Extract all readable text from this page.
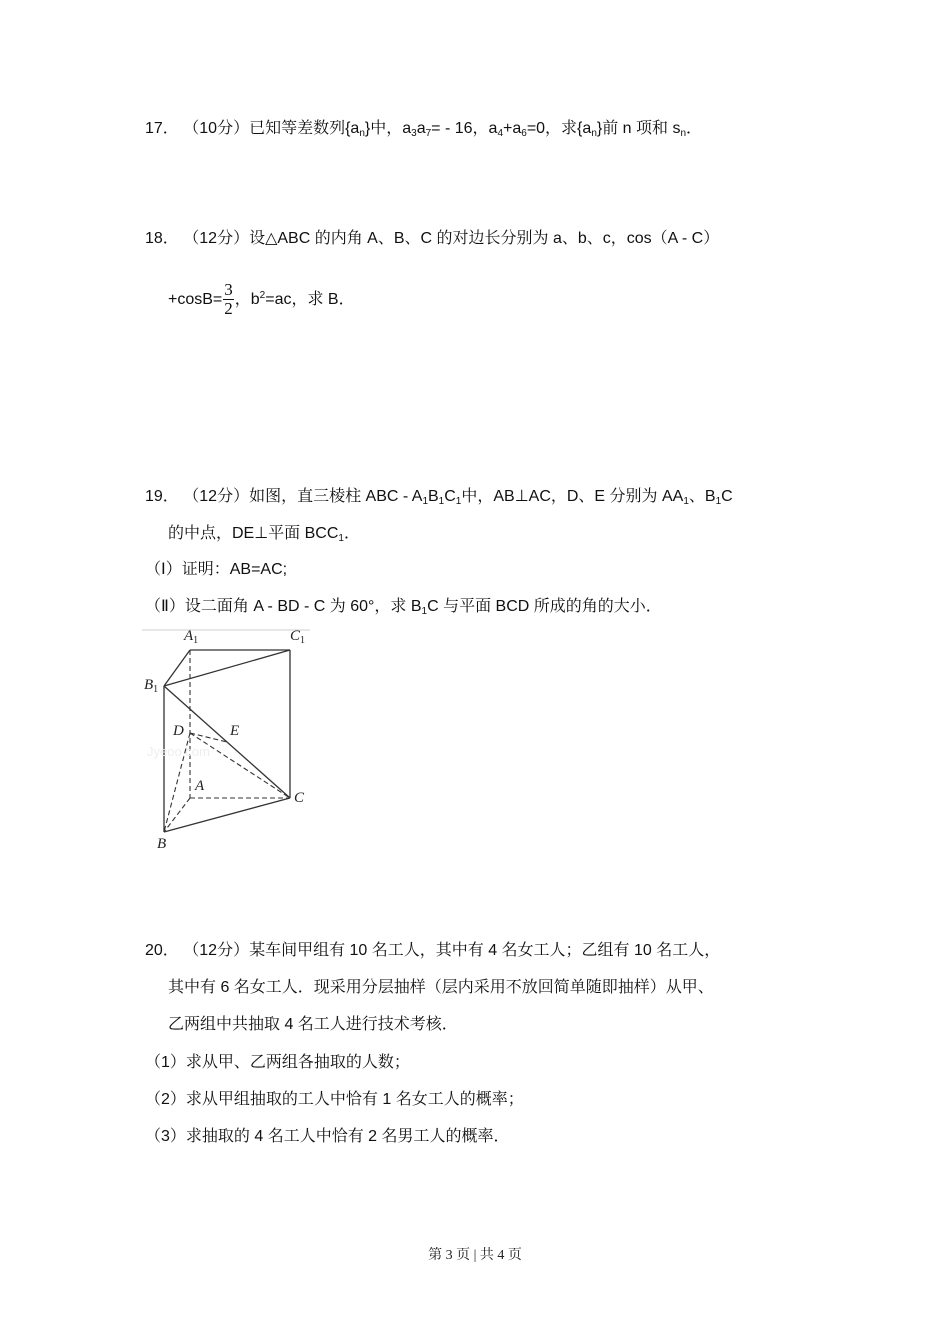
17． （10分）已知等差数列$\{a_n\}$中，$a_3a_7= - 16$，$a_4+a_6=0$，求$\{a_n\}$前 n 项和 $s_n$．
18． （12分）设△ABC 的内角 A、B、C 的对边长分别为 a、b、c，cos（A - C）
$+\cos B= \frac{3}{2}$ ，$b^2=ac$，求 B．
19． （12分）如图，直三棱柱 ABC - $A_1B_1C_1$中，AB⊥AC，D、E 分别为 $AA_1$、$B_1C$
的中点，DE⊥平面 $BCC_1$．
（Ⅰ）证明：AB=AC;
（Ⅱ）设二面角 A - BD - C 为 60°，求 $B_1C$ 与平面 BCD 所成的角的大小．
Jyeoo.com
$A_1$	$C_1$
$B_1$
D	E
A
C
B
20． （12分）某车间甲组有 10 名工人，其中有 4 名女工人；乙组有 10 名工人，
其中有 6 名女工人．现采用分层抽样（层内采用不放回简单随即抽样）从甲、
乙两组中共抽取 4 名工人进行技术考核．
（1）求从甲、乙两组各抽取的人数；
（2）求从甲组抽取的工人中恰有 1 名女工人的概率；
（3）求抽取的 4 名工人中恰有 2 名男工人的概率．
第 3 页 | 共 4 页
